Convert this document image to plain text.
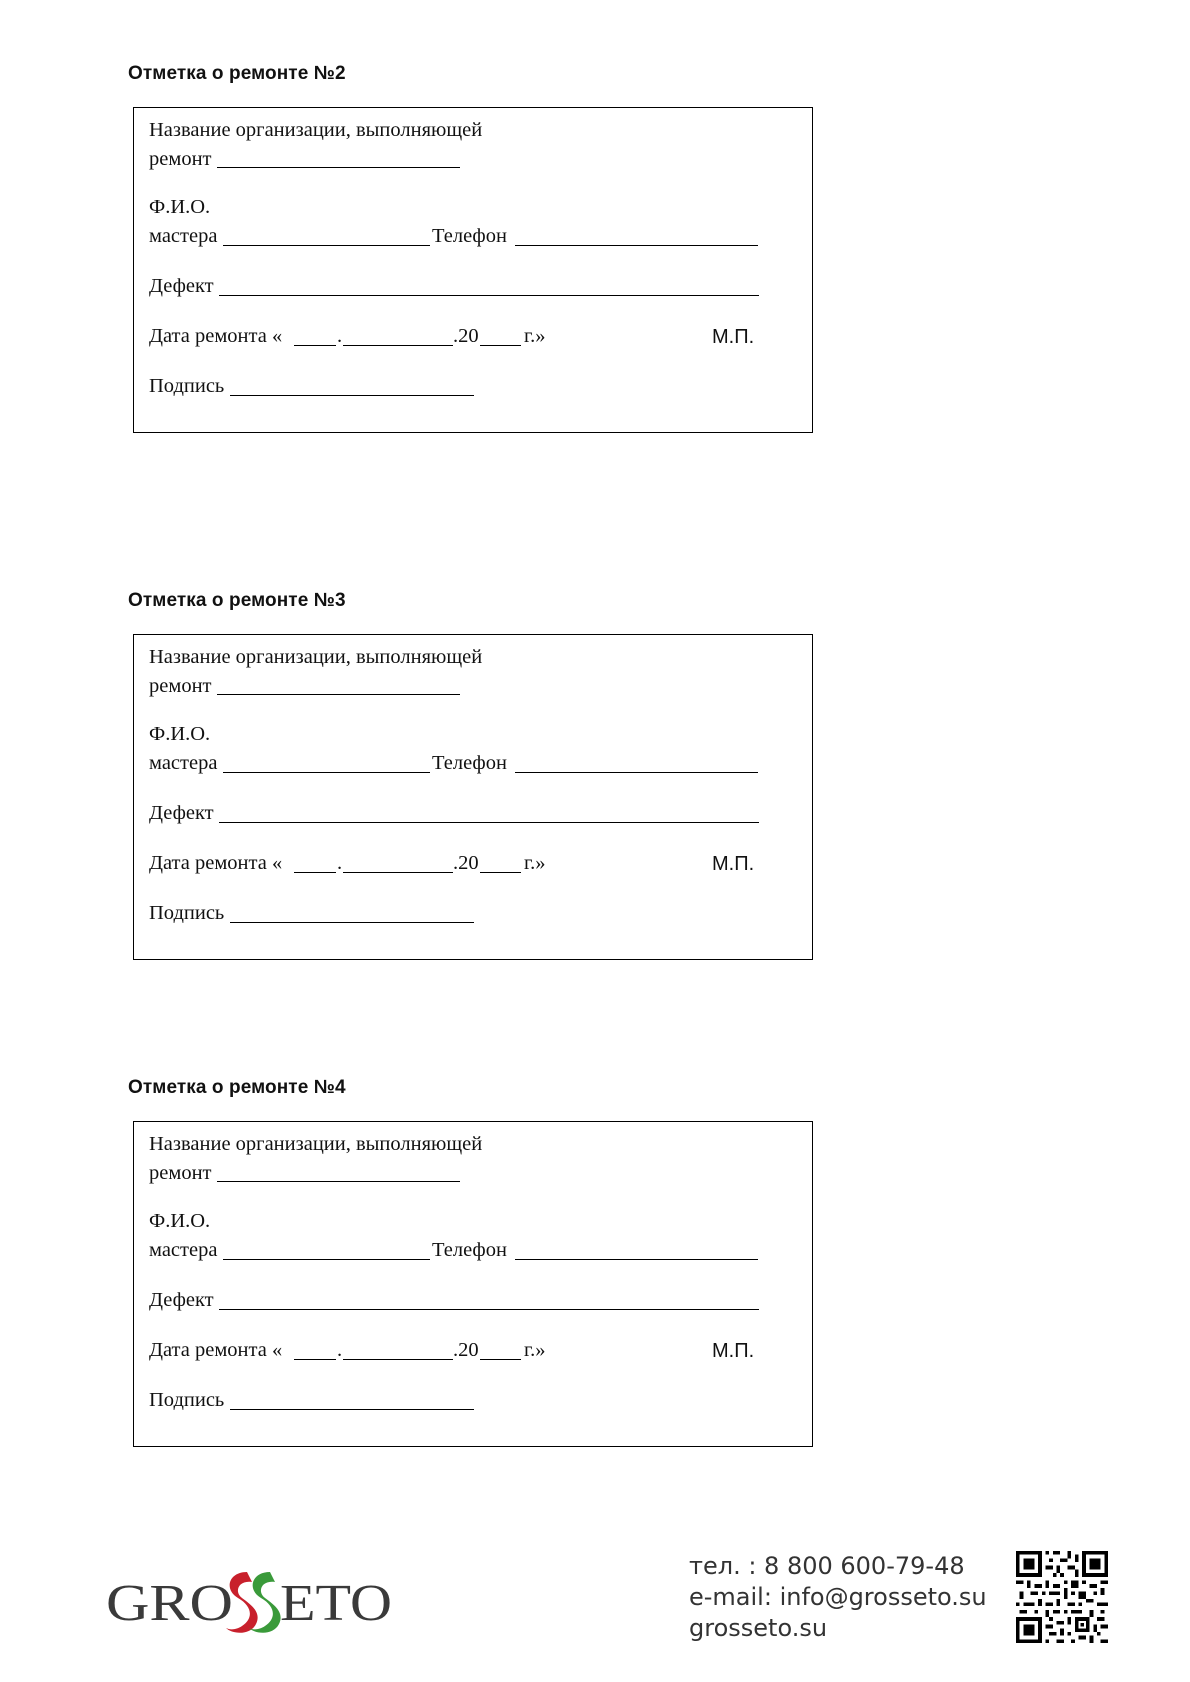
Отметка о ремонте №2
Название организации, выполняющей
ремонт
Ф.И.О.
мастера	Телефон
Дефект
Дата ремонта «	.	.20 г.»	М.П.
Подпись
Отметка о ремонте №3
Название организации, выполняющей
ремонт
Ф.И.О.
мастера	Телефон
Дефект
Дата ремонта «	.	.20 г.»	М.П.
Подпись
Отметка о ремонте №4
Название организации, выполняющей
ремонт
Ф.И.О.
мастера	Телефон
Дефект
Дата ремонта «	.	.20 г.»	М.П.
Подпись
GRO ETO
тел. : 8 800 600-79-48
e-mail: info@grosseto.su
grosseto.su
